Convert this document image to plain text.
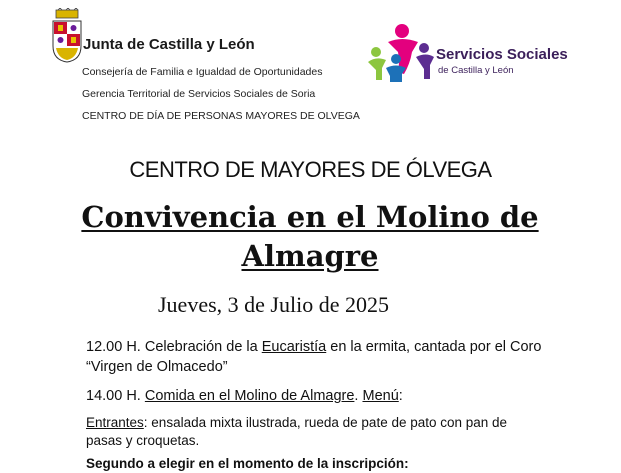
Junta de Castilla y León
Consejería de Familia e Igualdad de Oportunidades
Gerencia Territorial de Servicios Sociales de Soria
CENTRO DE DÍA DE PERSONAS MAYORES DE OLVEGA
Servicios Sociales
de Castilla y León
CENTRO DE MAYORES DE ÓLVEGA
Convivencia en el Molino de Almagre
Jueves, 3 de Julio de 2025
12.00 H. Celebración de la Eucaristía en la ermita, cantada por el Coro “Virgen de Olmacedo”
14.00 H. Comida en el Molino de Almagre. Menú:
Entrantes: ensalada mixta ilustrada, rueda de pate de pato con pan de pasas y croquetas.
Segundo a elegir en el momento de la inscripción:
